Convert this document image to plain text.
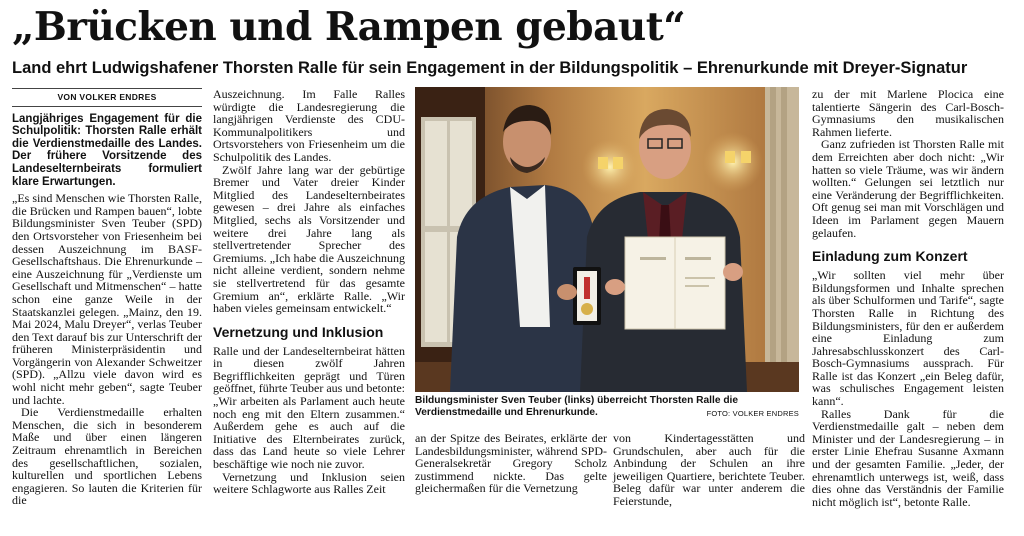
„Brücken und Rampen gebaut“
Land ehrt Ludwigshafener Thorsten Ralle für sein Engagement in der Bildungspolitik – Ehrenurkunde mit Dreyer-Signatur
VON VOLKER ENDRES

Langjähriges Engagement für die Schulpolitik: Thorsten Ralle erhält die Verdienstmedaille des Landes. Der frühere Vorsitzende des Landeselternbeirats formuliert klare Erwartungen.

„Es sind Menschen wie Thorsten Ralle, die Brücken und Rampen bauen“, lobte Bildungsminister Sven Teuber (SPD) den Ortsvorsteher von Friesenheim bei dessen Auszeichnung im BASF-Gesellschaftshaus. Die Ehrenurkunde – eine Auszeichnung für „Verdienste um Gesellschaft und Mitmenschen“ – hatte schon eine ganze Weile in der Staatskanzlei gelegen. „Mainz, den 19. Mai 2024, Malu Dreyer“, verlas Teuber den Text darauf bis zur Unterschrift der früheren Ministerpräsidentin und Vorgängerin von Alexander Schweitzer (SPD). „Allzu viele davon wird es wohl nicht mehr geben“, sagte Teuber und lachte.

Die Verdienstmedaille erhalten Menschen, die sich in besonderem Maße und über einen längeren Zeitraum ehrenamtlich in Bereichen des gesellschaftlichen, sozialen, kulturellen und sportlichen Lebens engagieren. So lauten die Kriterien für die

Auszeichnung. Im Falle Ralles würdigte die Landesregierung die langjährigen Verdienste des CDU-Kommunalpolitikers und Ortsvorstehers von Friesenheim um die Schulpolitik des Landes.

Zwölf Jahre lang war der gebürtige Bremer und Vater dreier Kinder Mitglied des Landeselternbeirates gewesen – drei Jahre als einfaches Mitglied, sechs als Vorsitzender und weitere drei Jahre lang als stellvertretender Sprecher des Gremiums. „Ich habe die Auszeichnung nicht alleine verdient, sondern nehme sie stellvertretend für das gesamte Gremium an“, erklärte Ralle. „Wir haben vieles gemeinsam entwickelt.“

Vernetzung und Inklusion

Ralle und der Landeselternbeirat hätten in diesen zwölf Jahren Begrifflichkeiten geprägt und Türen geöffnet, führte Teuber aus und betonte: „Wir arbeiten als Parlament auch heute noch eng mit den Eltern zusammen.“ Außerdem gehe es auch auf die Initiative des Elternbeirates zurück, dass das Land heute so viele Lehrer beschäftige wie noch nie zuvor.

Vernetzung und Inklusion seien weitere Schlagworte aus Ralles Zeit

Bildungsminister Sven Teuber (links) überreicht Thorsten Ralle die Verdienstmedaille und Ehrenurkunde.	FOTO: VOLKER ENDRES

an der Spitze des Beirates, erklärte der Landesbildungsminister, während SPD-Generalsekretär Gregory Scholz zustimmend nickte. Das gelte gleichermaßen für die Vernetzung

von Kindertagesstätten und Grundschulen, aber auch für die Anbindung der Schulen an ihre jeweiligen Quartiere, berichtete Teuber. Beleg dafür war unter anderem die Feierstunde,

zu der mit Marlene Plocica eine talentierte Sängerin des Carl-Bosch-Gymnasiums den musikalischen Rahmen lieferte.

Ganz zufrieden ist Thorsten Ralle mit dem Erreichten aber doch nicht: „Wir hatten so viele Träume, was wir ändern wollten.“ Gelungen sei letztlich nur eine Veränderung der Begrifflichkeiten. Oft genug sei man mit Vorschlägen und Ideen im Parlament gegen Mauern gelaufen.

Einladung zum Konzert

„Wir sollten viel mehr über Bildungsformen und Inhalte sprechen als über Schulformen und Tarife“, sagte Thorsten Ralle in Richtung des Bildungsministers, für den er außerdem eine Einladung zum Jahresabschlusskonzert des Carl-Bosch-Gymnasiums aussprach. Für Ralle ist das Konzert „ein Beleg dafür, was schulisches Engagement leisten kann“.

Ralles Dank für die Verdienstmedaille galt – neben dem Minister und der Landesregierung – in erster Linie Ehefrau Susanne Axmann und der gesamten Familie. „Jeder, der ehrenamtlich unterwegs ist, weiß, dass dies ohne das Verständnis der Familie nicht möglich ist“, betonte Ralle.
